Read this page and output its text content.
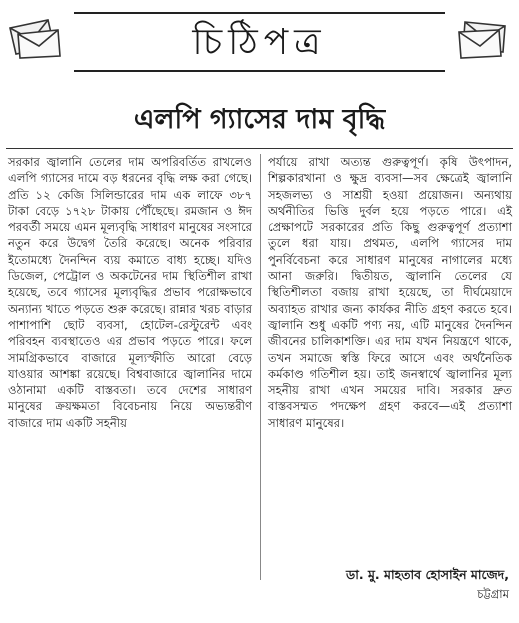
চিঠিপত্র
এলপি গ্যাসের দাম বৃদ্ধি
সরকার জ্বালানি তেলের দাম অপরিবর্তিত রাখলেও এলপি গ্যাসের দামে বড় ধরনের বৃদ্ধি লক্ষ করা গেছে। প্রতি ১২ কেজি সিলিন্ডারের দাম এক লাফে ৩৮৭ টাকা বেড়ে ১৭২৮ টাকায় পৌঁছেছে। রমজান ও ঈদ পরবর্তী সময়ে এমন মূল্যবৃদ্ধি সাধারণ মানুষের সংসারে নতুন করে উদ্বেগ তৈরি করেছে। অনেক পরিবার ইতোমধ্যে দৈনন্দিন ব্যয় কমাতে বাধ্য হচ্ছে। যদিও ডিজেল, পেট্রোল ও অকটেনের দাম স্থিতিশীল রাখা হয়েছে, তবে গ্যাসের মূল্যবৃদ্ধির প্রভাব পরোক্ষভাবে অন্যান্য খাতে পড়তে শুরু করেছে। রান্নার খরচ বাড়ার পাশাপাশি ছোট ব্যবসা, হোটেল-রেস্টুরেন্ট এবং পরিবহন ব্যবস্থাতেও এর প্রভাব পড়তে পারে। ফলে সামগ্রিকভাবে বাজারে মূল্যস্ফীতি আরো বেড়ে যাওয়ার আশঙ্কা রয়েছে। বিশ্ববাজারে জ্বালানির দামে ওঠানামা একটি বাস্তবতা। তবে দেশের সাধারণ মানুষের ক্রয়ক্ষমতা বিবেচনায় নিয়ে অভ্যন্তরীণ বাজারে দাম একটি সহনীয়
পর্যায়ে রাখা অত্যন্ত গুরুত্বপূর্ণ। কৃষি উৎপাদন, শিল্পকারখানা ও ক্ষুদ্র ব্যবসা—সব ক্ষেত্রেই জ্বালানি সহজলভ্য ও সাশ্রয়ী হওয়া প্রয়োজন। অন্যথায় অর্থনীতির ভিত্তি দুর্বল হয়ে পড়তে পারে। এই প্রেক্ষাপটে সরকারের প্রতি কিছু গুরুত্বপূর্ণ প্রত্যাশা তুলে ধরা যায়। প্রথমত, এলপি গ্যাসের দাম পুনর্বিবেচনা করে সাধারণ মানুষের নাগালের মধ্যে আনা জরুরি। দ্বিতীয়ত, জ্বালানি তেলের যে স্থিতিশীলতা বজায় রাখা হয়েছে, তা দীর্ঘমেয়াদে অব্যাহত রাখার জন্য কার্যকর নীতি গ্রহণ করতে হবে। জ্বালানি শুধু একটি পণ্য নয়, এটি মানুষের দৈনন্দিন জীবনের চালিকাশক্তি। এর দাম যখন নিয়ন্ত্রণে থাকে, তখন সমাজে স্বস্তি ফিরে আসে এবং অর্থনৈতিক কর্মকাণ্ড গতিশীল হয়। তাই জনস্বার্থে জ্বালানির মূল্য সহনীয় রাখা এখন সময়ের দাবি। সরকার দ্রুত বাস্তবসম্মত পদক্ষেপ গ্রহণ করবে—এই প্রত্যাশা সাধারণ মানুষের।
ডা. মু. মাহতাব হোসাইন মাজেদ,
চট্টগ্রাম
